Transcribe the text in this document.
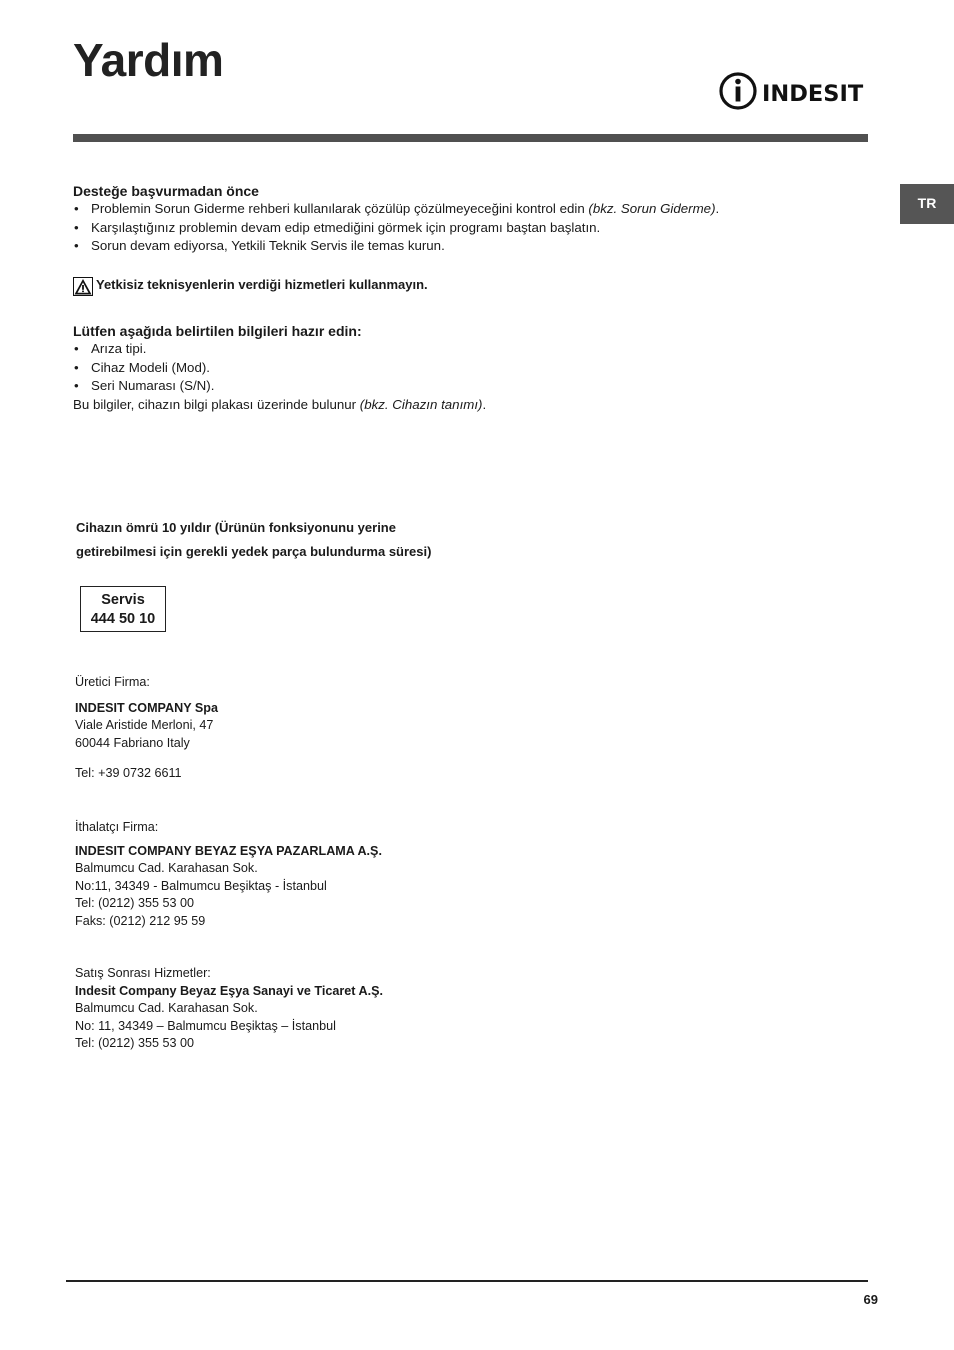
Yardım
INDESIT
TR
Desteğe başvurmadan önce
• Problemin Sorun Giderme rehberi kullanılarak çözülüp çözülmeyeceğini kontrol edin (bkz. Sorun Giderme).
• Karşılaştığınız problemin devam edip etmediğini görmek için programı baştan başlatın.
• Sorun devam ediyorsa, Yetkili Teknik Servis ile temas kurun.
Yetkisiz teknisyenlerin verdiği hizmetleri kullanmayın.
Lütfen aşağıda belirtilen bilgileri hazır edin:
• Arıza tipi.
• Cihaz Modeli (Mod).
• Seri Numarası (S/N).
Bu bilgiler, cihazın bilgi plakası üzerinde bulunur (bkz. Cihazın tanımı).
Cihazın ömrü 10 yıldır (Ürünün fonksiyonunu yerine
getirebilmesi için gerekli yedek parça bulundurma süresi)
Servis
444 50 10
Üretici Firma:
INDESIT COMPANY Spa
Viale Aristide Merloni, 47
60044 Fabriano Italy
Tel: +39 0732 6611
İthalatçı Firma:
INDESIT COMPANY BEYAZ EŞYA PAZARLAMA A.Ş.
Balmumcu Cad. Karahasan Sok.
No:11, 34349 - Balmumcu Beşiktaş - İstanbul
Tel: (0212) 355 53 00
Faks: (0212) 212 95 59
Satış Sonrası Hizmetler:
Indesit Company Beyaz Eşya Sanayi ve Ticaret A.Ş.
Balmumcu Cad. Karahasan Sok.
No: 11, 34349 – Balmumcu Beşiktaş – İstanbul
Tel: (0212) 355 53 00
69
